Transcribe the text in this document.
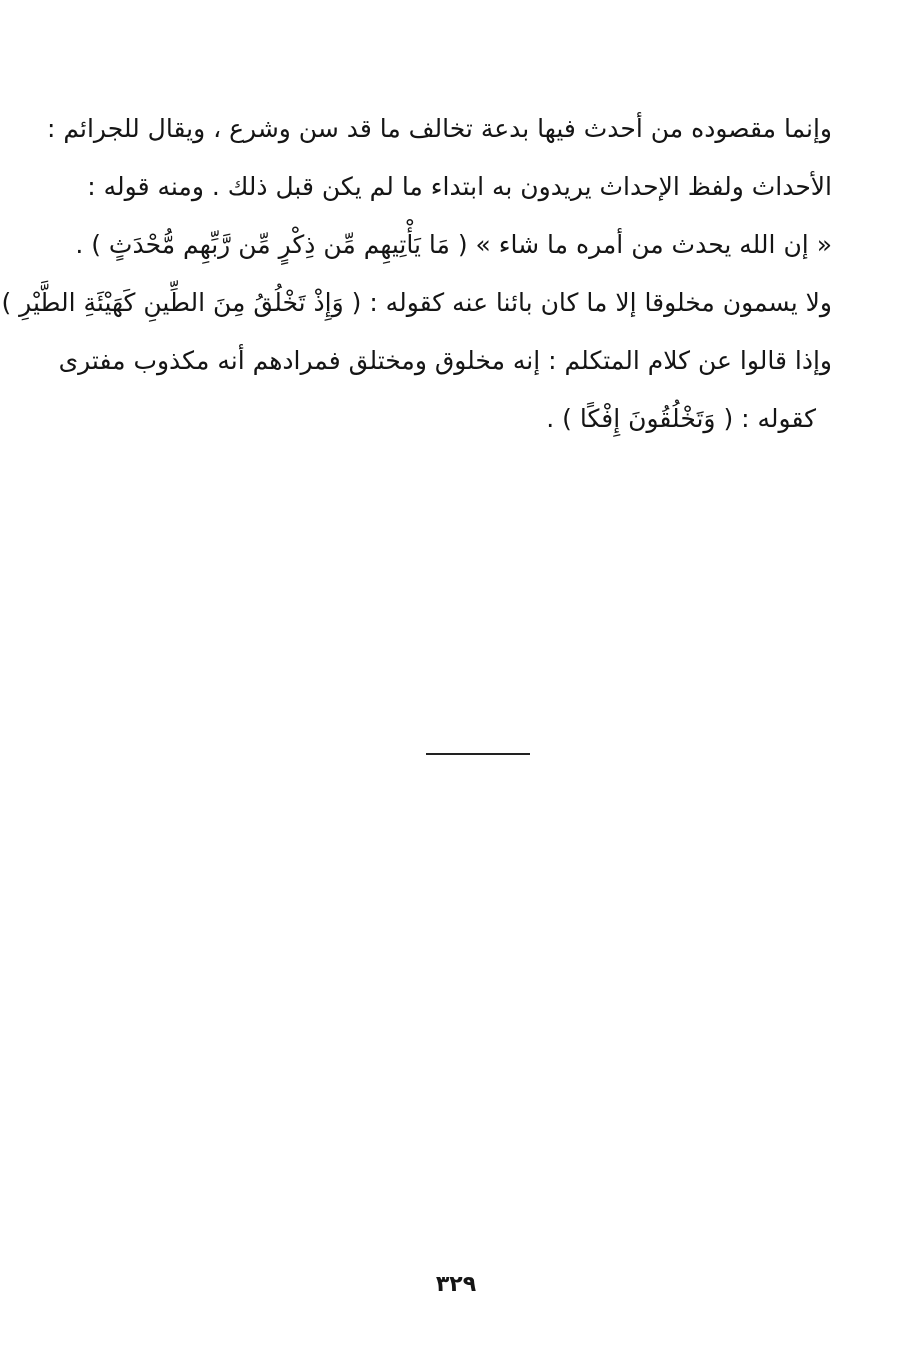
وإنما مقصوده من أحدث فيها بدعة تخالف ما قد سن وشرع ، ويقال للجرائم :
الأحداث ولفظ الإحداث يريدون به ابتداء ما لم يكن قبل ذلك . ومنه قوله :
« إن الله يحدث من أمره ما شاء » ( مَا يَأْتِيهِم مِّن ذِكْرٍ مِّن رَّبِّهِم مُّحْدَثٍ ) .
ولا يسمون مخلوقا إلا ما كان بائنا عنه كقوله : ( وَإِذْ تَخْلُقُ مِنَ الطِّينِ كَهَيْئَةِ الطَّيْرِ )
وإذا قالوا عن كلام المتكلم : إنه مخلوق ومختلق فمرادهم أنه مكذوب مفترى
كقوله : ( وَتَخْلُقُونَ إِفْكًا ) .
٣٢٩
